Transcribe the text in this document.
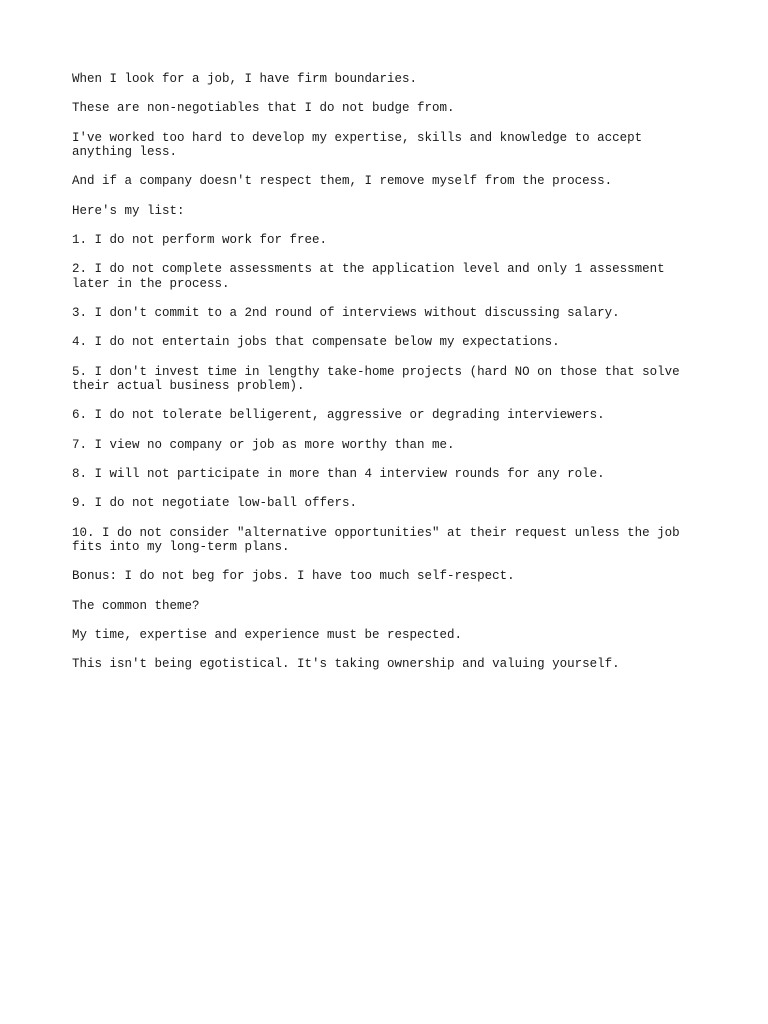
When I look for a job, I have firm boundaries.

These are non-negotiables that I do not budge from.

I've worked too hard to develop my expertise, skills and knowledge to accept
anything less.

And if a company doesn't respect them, I remove myself from the process.

Here's my list:

1. I do not perform work for free.

2. I do not complete assessments at the application level and only 1 assessment
later in the process.

3. I don't commit to a 2nd round of interviews without discussing salary.

4. I do not entertain jobs that compensate below my expectations.

5. I don't invest time in lengthy take-home projects (hard NO on those that solve
their actual business problem).

6. I do not tolerate belligerent, aggressive or degrading interviewers.

7. I view no company or job as more worthy than me.

8. I will not participate in more than 4 interview rounds for any role.

9. I do not negotiate low-ball offers.

10. I do not consider "alternative opportunities" at their request unless the job
fits into my long-term plans.

Bonus: I do not beg for jobs. I have too much self-respect.

The common theme?

My time, expertise and experience must be respected.

This isn't being egotistical. It's taking ownership and valuing yourself.
